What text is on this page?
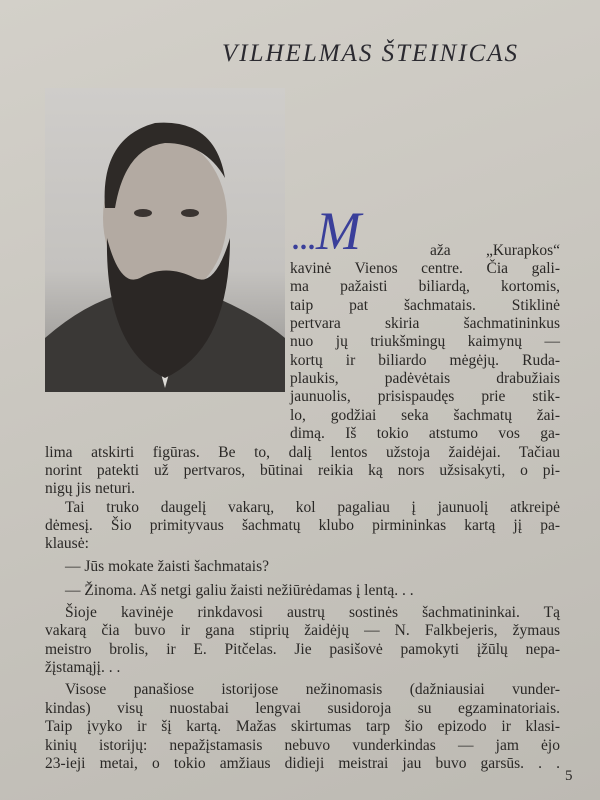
VILHELMAS ŠTEINICAS
...M	aža „Kurapkos“
kavinė Vienos centre. Čia gali-
ma pažaisti biliardą, kortomis,
taip pat šachmatais. Stiklinė
pertvara skiria šachmatininkus
nuo jų triukšmingų kaimynų —
kortų ir biliardo mėgėjų. Ruda-
plaukis, padėvėtais drabužiais
jaunuolis, prisispaudęs prie stik-
lo, godžiai seka šachmatų žai-
dimą. Iš tokio atstumo vos ga-
lima atskirti figūras. Be to, dalį lentos užstoja žaidėjai. Tačiau
norint patekti už pertvaros, būtinai reikia ką nors užsisakyti, o pi-
nigų jis neturi.
Tai truko daugelį vakarų, kol pagaliau į jaunuolį atkreipė
dėmesį. Šio primityvaus šachmatų klubo pirmininkas kartą jį pa-
klausė:
— Jūs mokate žaisti šachmatais?
— Žinoma. Aš netgi galiu žaisti nežiūrėdamas į lentą. . .
Šioje kavinėje rinkdavosi austrų sostinės šachmatininkai. Tą
vakarą čia buvo ir gana stiprių žaidėjų — N. Falkbejeris, žymaus
meistro brolis, ir E. Pitčelas. Jie pasišovė pamokyti įžūlų nepa-
žįstamąjį. . .
Visose panašiose istorijose nežinomasis (dažniausiai vunder-
kindas) visų nuostabai lengvai susidoroja su egzaminatoriais.
Taip įvyko ir šį kartą. Mažas skirtumas tarp šio epizodo ir klasi-
kinių istorijų: nepažįstamasis nebuvo vunderkindas — jam ėjo
23-ieji metai, o tokio amžiaus didieji meistrai jau buvo garsūs. . .
5
